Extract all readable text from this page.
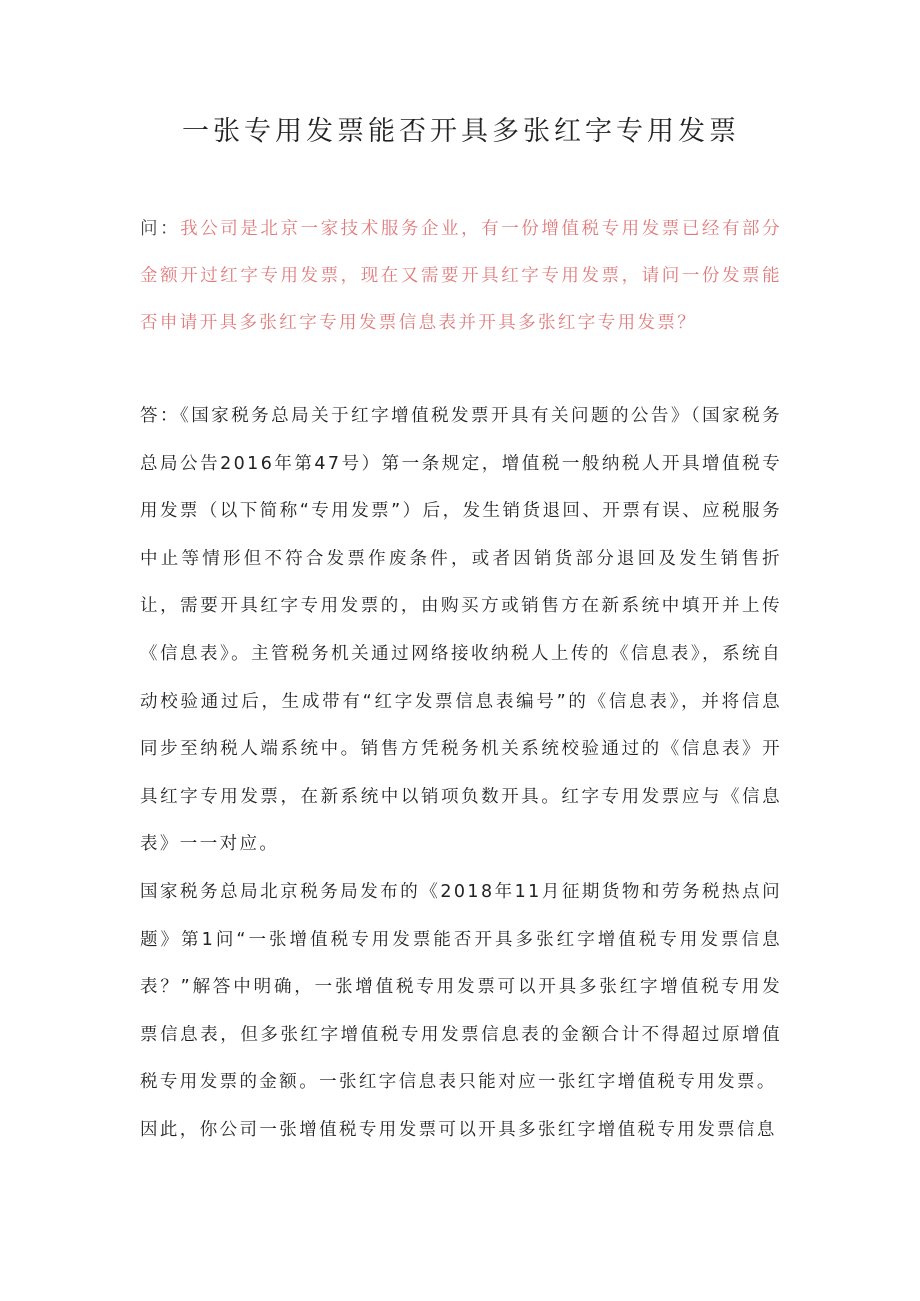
一张专用发票能否开具多张红字专用发票

问：我公司是北京一家技术服务企业，有一份增值税专用发票已经有部分金额开过红字专用发票，现在又需要开具红字专用发票，请问一份发票能否申请开具多张红字专用发票信息表并开具多张红字专用发票？

答：《国家税务总局关于红字增值税发票开具有关问题的公告》（国家税务总局公告2016年第47号）第一条规定，增值税一般纳税人开具增值税专用发票（以下简称“专用发票”）后，发生销货退回、开票有误、应税服务中止等情形但不符合发票作废条件，或者因销货部分退回及发生销售折让，需要开具红字专用发票的，由购买方或销售方在新系统中填开并上传《信息表》。主管税务机关通过网络接收纳税人上传的《信息表》，系统自动校验通过后，生成带有“红字发票信息表编号”的《信息表》，并将信息同步至纳税人端系统中。销售方凭税务机关系统校验通过的《信息表》开具红字专用发票，在新系统中以销项负数开具。红字专用发票应与《信息表》一一对应。

国家税务总局北京税务局发布的《2018年11月征期货物和劳务税热点问题》第1问“一张增值税专用发票能否开具多张红字增值税专用发票信息表？”解答中明确，一张增值税专用发票可以开具多张红字增值税专用发票信息表，但多张红字增值税专用发票信息表的金额合计不得超过原增值税专用发票的金额。一张红字信息表只能对应一张红字增值税专用发票。

因此，你公司一张增值税专用发票可以开具多张红字增值税专用发票信息
